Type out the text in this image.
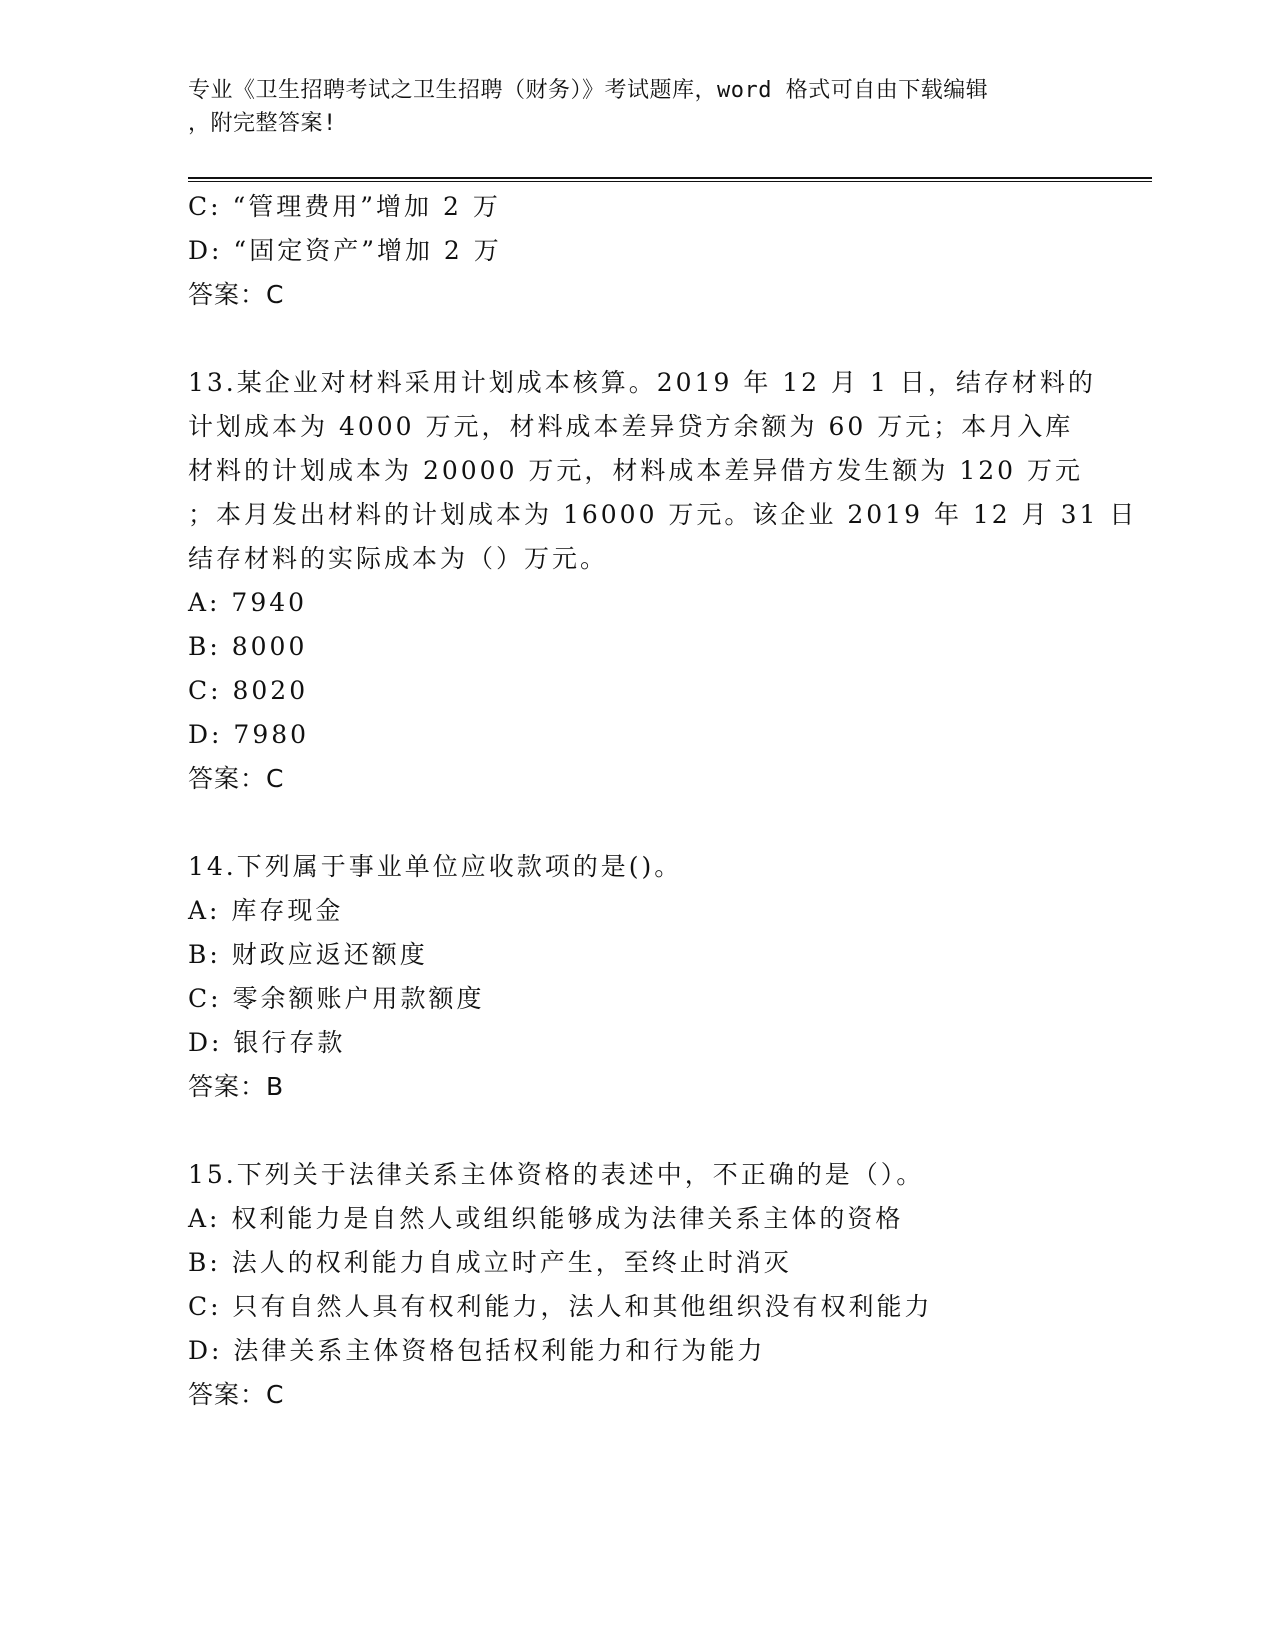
专业《卫生招聘考试之卫生招聘（财务）》考试题库，word 格式可自由下载编辑
，附完整答案!
C: “管理费用”增加 2 万
D: “固定资产”增加 2 万
答案：C
13.某企业对材料采用计划成本核算。2019 年 12 月 1 日，结存材料的
计划成本为 4000 万元，材料成本差异贷方余额为 60 万元；本月入库
材料的计划成本为 20000 万元，材料成本差异借方发生额为 120 万元
；本月发出材料的计划成本为 16000 万元。该企业 2019 年 12 月 31 日
结存材料的实际成本为（）万元。
A: 7940
B: 8000
C: 8020
D: 7980
答案：C
14.下列属于事业单位应收款项的是()。
A: 库存现金
B: 财政应返还额度
C: 零余额账户用款额度
D: 银行存款
答案：B
15.下列关于法律关系主体资格的表述中，不正确的是（）。
A: 权利能力是自然人或组织能够成为法律关系主体的资格
B: 法人的权利能力自成立时产生，至终止时消灭
C: 只有自然人具有权利能力，法人和其他组织没有权利能力
D: 法律关系主体资格包括权利能力和行为能力
答案：C
